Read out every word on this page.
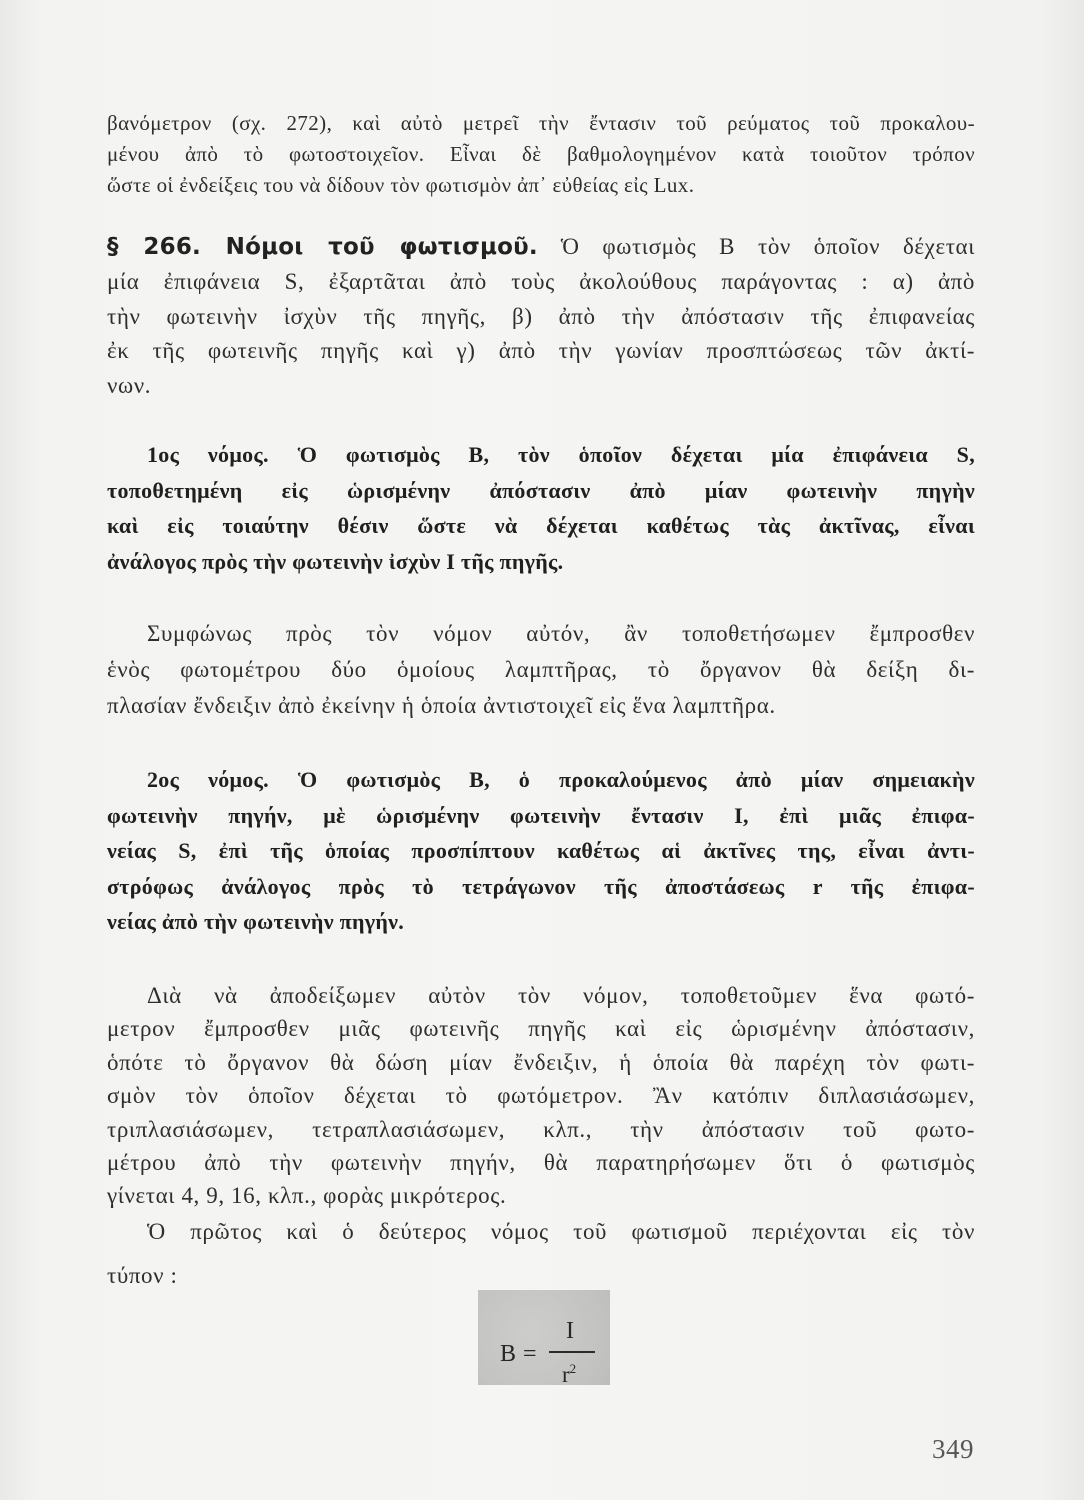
βανόμετρον (σχ. 272), καὶ αὐτὸ μετρεῖ τὴν ἔντασιν τοῦ ρεύματος τοῦ προκαλου-
μένου ἀπὸ τὸ φωτοστοιχεῖον. Εἶναι δὲ βαθμολογημένον κατὰ τοιοῦτον τρόπον
ὥστε οἱ ἐνδείξεις του νὰ δίδουν τὸν φωτισμὸν ἀπ᾽ εὐθείας εἰς Lux.
§ 266. Νόμοι τοῦ φωτισμοῦ. Ὁ φωτισμὸς B τὸν ὁποῖον δέχεται
μία ἐπιφάνεια S, ἐξαρτᾶται ἀπὸ τοὺς ἀκολούθους παράγοντας : α) ἀπὸ
τὴν φωτεινὴν ἰσχὺν τῆς πηγῆς, β) ἀπὸ τὴν ἀπόστασιν τῆς ἐπιφανείας
ἐκ τῆς φωτεινῆς πηγῆς καὶ γ) ἀπὸ τὴν γωνίαν προσπτώσεως τῶν ἀκτί-
νων.
1ος νόμος. Ὁ φωτισμὸς B, τὸν ὁποῖον δέχεται μία ἐπιφάνεια S,
τοποθετημένη εἰς ὡρισμένην ἀπόστασιν ἀπὸ μίαν φωτεινὴν πηγὴν
καὶ εἰς τοιαύτην θέσιν ὥστε νὰ δέχεται καθέτως τὰς ἀκτῖνας, εἶναι
ἀνάλογος πρὸς τὴν φωτεινὴν ἰσχὺν I τῆς πηγῆς.
Συμφώνως πρὸς τὸν νόμον αὐτόν, ἂν τοποθετήσωμεν ἔμπροσθεν
ἑνὸς φωτομέτρου δύο ὁμοίους λαμπτῆρας, τὸ ὄργανον θὰ δείξη δι-
πλασίαν ἔνδειξιν ἀπὸ ἐκείνην ἡ ὁποία ἀντιστοιχεῖ εἰς ἕνα λαμπτῆρα.
2ος νόμος. Ὁ φωτισμὸς B, ὁ προκαλούμενος ἀπὸ μίαν σημειακὴν
φωτεινὴν πηγήν, μὲ ὡρισμένην φωτεινὴν ἔντασιν I, ἐπὶ μιᾶς ἐπιφα-
νείας S, ἐπὶ τῆς ὁποίας προσπίπτουν καθέτως αἱ ἀκτῖνες της, εἶναι ἀντι-
στρόφως ἀνάλογος πρὸς τὸ τετράγωνον τῆς ἀποστάσεως r τῆς ἐπιφα-
νείας ἀπὸ τὴν φωτεινὴν πηγήν.
Διὰ νὰ ἀποδείξωμεν αὐτὸν τὸν νόμον, τοποθετοῦμεν ἕνα φωτό-
μετρον ἔμπροσθεν μιᾶς φωτεινῆς πηγῆς καὶ εἰς ὡρισμένην ἀπόστασιν,
ὁπότε τὸ ὄργανον θὰ δώση μίαν ἔνδειξιν, ἡ ὁποία θὰ παρέχη τὸν φωτι-
σμὸν τὸν ὁποῖον δέχεται τὸ φωτόμετρον. Ἂν κατόπιν διπλασιάσωμεν,
τριπλασιάσωμεν, τετραπλασιάσωμεν, κλπ., τὴν ἀπόστασιν τοῦ φωτο-
μέτρου ἀπὸ τὴν φωτεινὴν πηγήν, θὰ παρατηρήσωμεν ὅτι ὁ φωτισμὸς
γίνεται 4, 9, 16, κλπ., φορὰς μικρότερος.
Ὁ πρῶτος καὶ ὁ δεύτερος νόμος τοῦ φωτισμοῦ περιέχονται εἰς τὸν
τύπον :
B =
I
$r^2$
349
